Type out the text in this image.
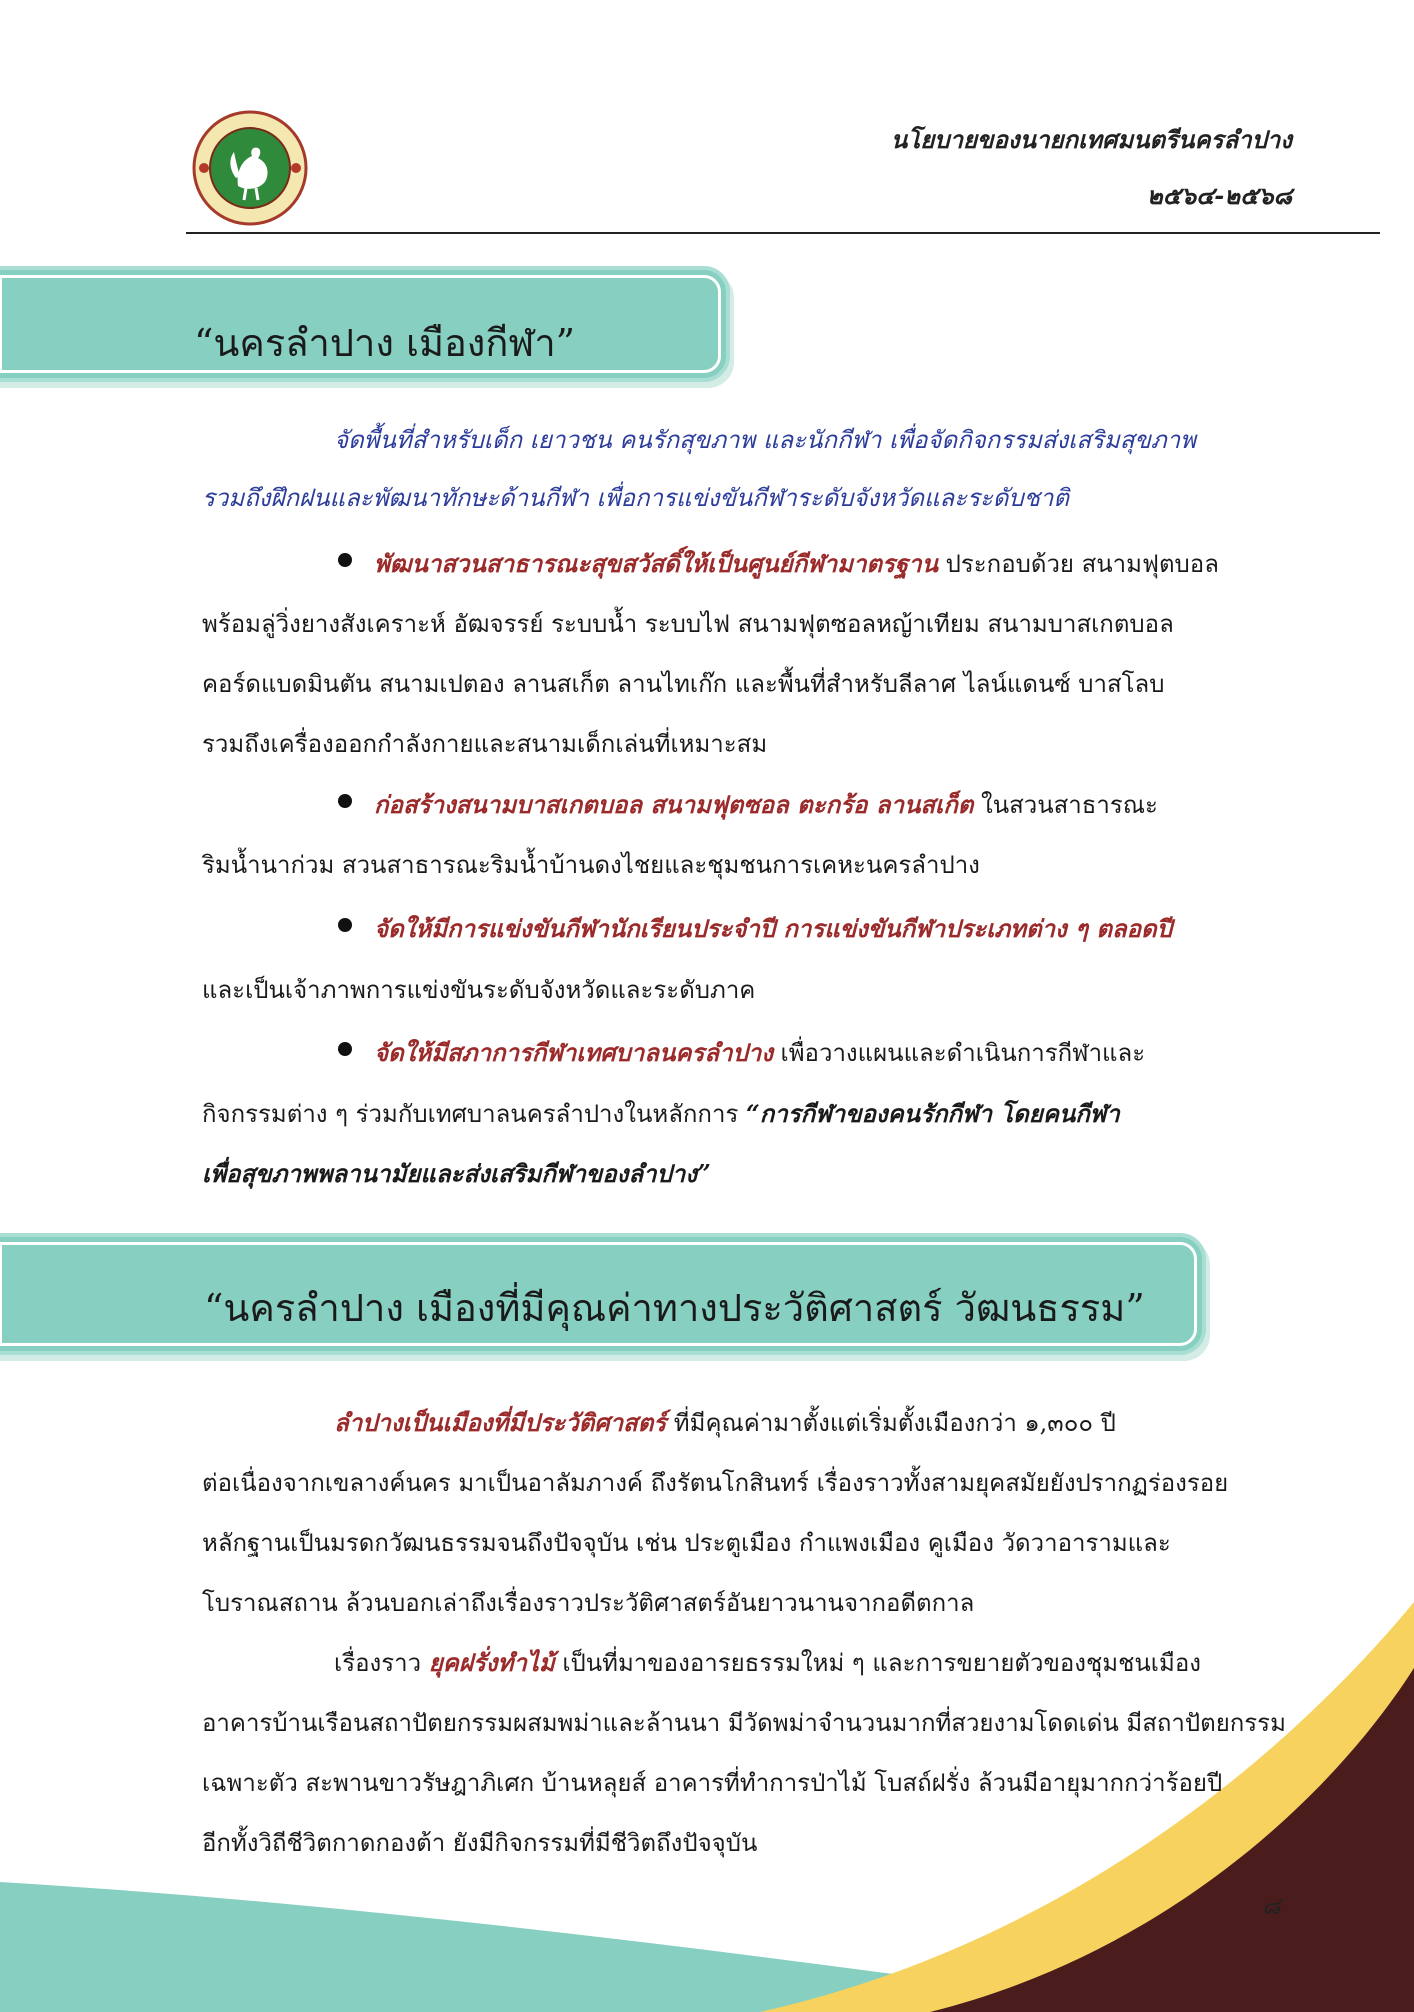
นโยบายของนายกเทศมนตรีนครลำปาง
๒๕๖๔-๒๕๖๘
“นครลำปาง เมืองกีฬา”
จัดพื้นที่สำหรับเด็ก เยาวชน คนรักสุขภาพ และนักกีฬา เพื่อจัดกิจกรรมส่งเสริมสุขภาพ
รวมถึงฝึกฝนและพัฒนาทักษะด้านกีฬา เพื่อการแข่งขันกีฬาระดับจังหวัดและระดับชาติ
พัฒนาสวนสาธารณะสุขสวัสดิ์ให้เป็นศูนย์กีฬามาตรฐาน ประกอบด้วย สนามฟุตบอล
พร้อมลู่วิ่งยางสังเคราะห์ อัฒจรรย์ ระบบน้ำ ระบบไฟ สนามฟุตซอลหญ้าเทียม สนามบาสเกตบอล
คอร์ดแบดมินตัน สนามเปตอง ลานสเก็ต ลานไทเก๊ก และพื้นที่สำหรับลีลาศ ไลน์แดนซ์ บาสโลบ
รวมถึงเครื่องออกกำลังกายและสนามเด็กเล่นที่เหมาะสม
ก่อสร้างสนามบาสเกตบอล สนามฟุตซอล ตะกร้อ ลานสเก็ต ในสวนสาธารณะ
ริมน้ำนาก่วม สวนสาธารณะริมน้ำบ้านดงไชยและชุมชนการเคหะนครลำปาง
จัดให้มีการแข่งขันกีฬานักเรียนประจำปี การแข่งขันกีฬาประเภทต่าง ๆ ตลอดปี
และเป็นเจ้าภาพการแข่งขันระดับจังหวัดและระดับภาค
จัดให้มีสภาการกีฬาเทศบาลนครลำปาง เพื่อวางแผนและดำเนินการกีฬาและ
กิจกรรมต่าง ๆ ร่วมกับเทศบาลนครลำปางในหลักการ “การกีฬาของคนรักกีฬา โดยคนกีฬา
เพื่อสุขภาพพลานามัยและส่งเสริมกีฬาของลำปาง”
“นครลำปาง เมืองที่มีคุณค่าทางประวัติศาสตร์ วัฒนธรรม”
ลำปางเป็นเมืองที่มีประวัติศาสตร์ ที่มีคุณค่ามาตั้งแต่เริ่มตั้งเมืองกว่า ๑,๓๐๐ ปี
ต่อเนื่องจากเขลางค์นคร มาเป็นอาลัมภางค์ ถึงรัตนโกสินทร์ เรื่องราวทั้งสามยุคสมัยยังปรากฏร่องรอย
หลักฐานเป็นมรดกวัฒนธรรมจนถึงปัจจุบัน เช่น ประตูเมือง กำแพงเมือง คูเมือง วัดวาอารามและ
โบราณสถาน ล้วนบอกเล่าถึงเรื่องราวประวัติศาสตร์อันยาวนานจากอดีตกาล
เรื่องราว ยุคฝรั่งทำไม้ เป็นที่มาของอารยธรรมใหม่ ๆ และการขยายตัวของชุมชนเมือง
อาคารบ้านเรือนสถาปัตยกรรมผสมพม่าและล้านนา มีวัดพม่าจำนวนมากที่สวยงามโดดเด่น มีสถาปัตยกรรม
เฉพาะตัว สะพานขาวรัษฎาภิเศก บ้านหลุยส์ อาคารที่ทำการป่าไม้ โบสถ์ฝรั่ง ล้วนมีอายุมากกว่าร้อยปี
อีกทั้งวิถีชีวิตกาดกองต้า ยังมีกิจกรรมที่มีชีวิตถึงปัจจุบัน
๘
